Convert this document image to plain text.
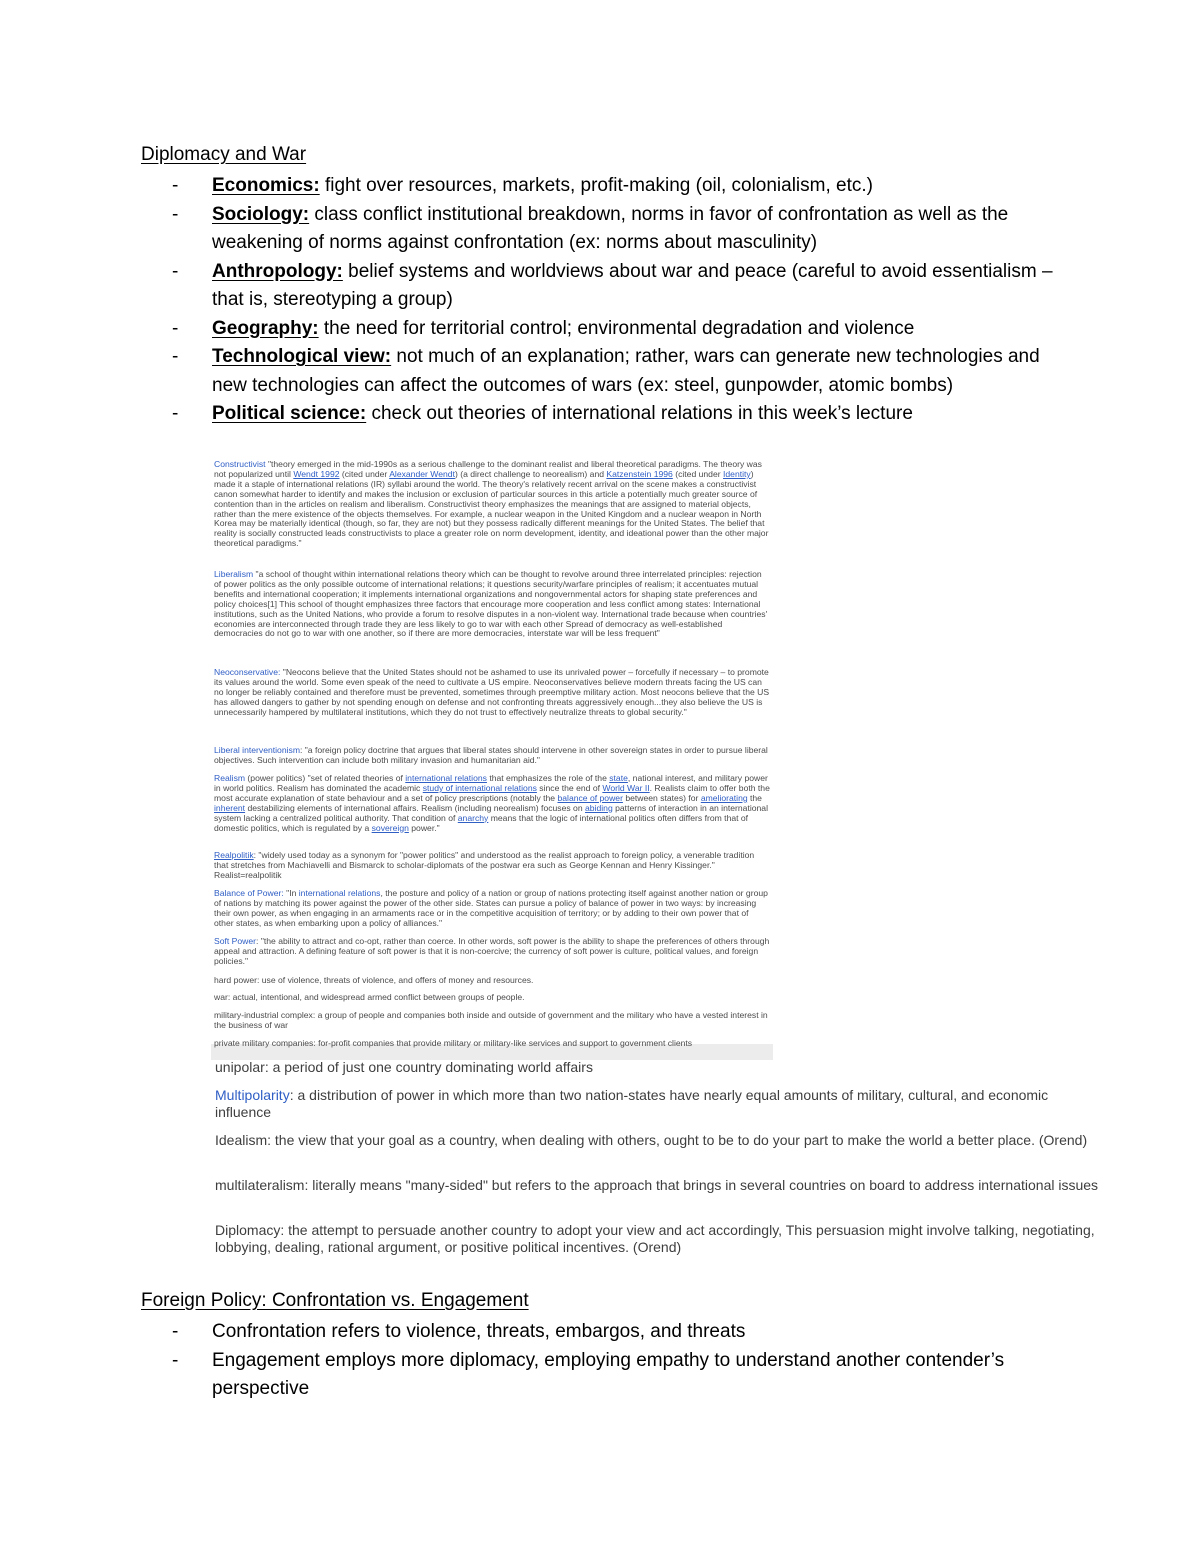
Diplomacy and War
- Economics: fight over resources, markets, profit-making (oil, colonialism, etc.)
- Sociology: class conflict institutional breakdown, norms in favor of confrontation as well as the weakening of norms against confrontation (ex: norms about masculinity)
- Anthropology: belief systems and worldviews about war and peace (careful to avoid essentialism –that is, stereotyping a group)
- Geography: the need for territorial control; environmental degradation and violence
- Technological view: not much of an explanation; rather, wars can generate new technologies and new technologies can affect the outcomes of wars (ex: steel, gunpowder, atomic bombs)
- Political science: check out theories of international relations in this week’s lecture
Constructivist "theory emerged in the mid-1990s as a serious challenge to the dominant realist and liberal theoretical paradigms. The theory was not popularized until Wendt 1992 (cited under Alexander Wendt) (a direct challenge to neorealism) and Katzenstein 1996 (cited under Identity) made it a staple of international relations (IR) syllabi around the world. The theory's relatively recent arrival on the scene makes a constructivist canon somewhat harder to identify and makes the inclusion or exclusion of particular sources in this article a potentially much greater source of contention than in the articles on realism and liberalism. Constructivist theory emphasizes the meanings that are assigned to material objects, rather than the mere existence of the objects themselves. For example, a nuclear weapon in the United Kingdom and a nuclear weapon in North Korea may be materially identical (though, so far, they are not) but they possess radically different meanings for the United States. The belief that reality is socially constructed leads constructivists to place a greater role on norm development, identity, and ideational power than the other major theoretical paradigms."
Liberalism "a school of thought within international relations theory which can be thought to revolve around three interrelated principles: rejection of power politics as the only possible outcome of international relations; it questions security/warfare principles of realism; it accentuates mutual benefits and international cooperation; it implements international organizations and nongovernmental actors for shaping state preferences and policy choices[1] This school of thought emphasizes three factors that encourage more cooperation and less conflict among states: International institutions, such as the United Nations, who provide a forum to resolve disputes in a non-violent way. International trade because when countries' economies are interconnected through trade they are less likely to go to war with each other Spread of democracy as well-established democracies do not go to war with one another, so if there are more democracies, interstate war will be less frequent"
Neoconservative: "Neocons believe that the United States should not be ashamed to use its unrivaled power – forcefully if necessary – to promote its values around the world. Some even speak of the need to cultivate a US empire. Neoconservatives believe modern threats facing the US can no longer be reliably contained and therefore must be prevented, sometimes through preemptive military action. Most neocons believe that the US has allowed dangers to gather by not spending enough on defense and not confronting threats aggressively enough...they also believe the US is unnecessarily hampered by multilateral institutions, which they do not trust to effectively neutralize threats to global security."
Liberal interventionism: "a foreign policy doctrine that argues that liberal states should intervene in other sovereign states in order to pursue liberal objectives. Such intervention can include both military invasion and humanitarian aid."
Realism (power politics) "set of related theories of international relations that emphasizes the role of the state, national interest, and military power in world politics. Realism has dominated the academic study of international relations since the end of World War II. Realists claim to offer both the most accurate explanation of state behaviour and a set of policy prescriptions (notably the balance of power between states) for ameliorating the inherent destabilizing elements of international affairs. Realism (including neorealism) focuses on abiding patterns of interaction in an international system lacking a centralized political authority. That condition of anarchy means that the logic of international politics often differs from that of domestic politics, which is regulated by a sovereign power."
Realpolitik: "widely used today as a synonym for "power politics" and understood as the realist approach to foreign policy, a venerable tradition that stretches from Machiavelli and Bismarck to scholar-diplomats of the postwar era such as George Kennan and Henry Kissinger." Realist=realpolitik
Balance of Power: "In international relations, the posture and policy of a nation or group of nations protecting itself against another nation or group of nations by matching its power against the power of the other side. States can pursue a policy of balance of power in two ways: by increasing their own power, as when engaging in an armaments race or in the competitive acquisition of territory; or by adding to their own power that of other states, as when embarking upon a policy of alliances."
Soft Power: "the ability to attract and co-opt, rather than coerce. In other words, soft power is the ability to shape the preferences of others through appeal and attraction. A defining feature of soft power is that it is non-coercive; the currency of soft power is culture, political values, and foreign policies."
hard power: use of violence, threats of violence, and offers of money and resources.
war: actual, intentional, and widespread armed conflict between groups of people.
military-industrial complex: a group of people and companies both inside and outside of government and the military who have a vested interest in the business of war
private military companies: for-profit companies that provide military or military-like services and support to government clients
unipolar: a period of just one country dominating world affairs
Multipolarity: a distribution of power in which more than two nation-states have nearly equal amounts of military, cultural, and economic influence
Idealism: the view that your goal as a country, when dealing with others, ought to be to do your part to make the world a better place. (Orend)
multilateralism: literally means "many-sided" but refers to the approach that brings in several countries on board to address international issues
Diplomacy: the attempt to persuade another country to adopt your view and act accordingly, This persuasion might involve talking, negotiating, lobbying, dealing, rational argument, or positive political incentives. (Orend)
Foreign Policy: Confrontation vs. Engagement
- Confrontation refers to violence, threats, embargos, and threats
- Engagement employs more diplomacy, employing empathy to understand another contender’s perspective
